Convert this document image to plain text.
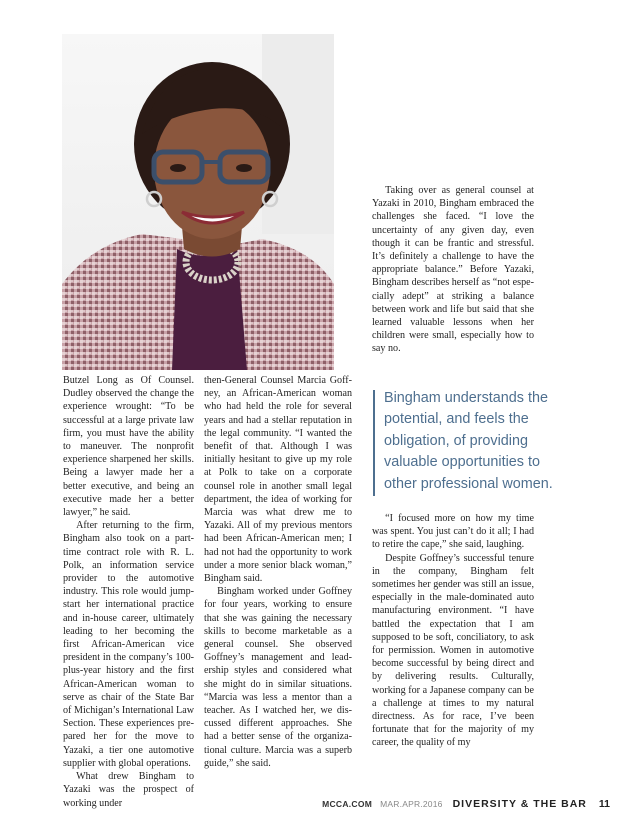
Butzel Long as Of Counsel. Dudley observed the change the experience wrought: “To be successful at a large private law firm, you must have the ability to maneuver. The nonprofit experience sharpened her skills. Being a lawyer made her a better executive, and being an executive made her a better lawyer,” he said.

After returning to the firm, Bingham also took on a part-time contract role with R. L. Polk, an information service provider to the automotive industry. This role would jump-start her international practice and in-house career, ultimately leading to her becoming the first African-American vice president in the company’s 100-plus-year history and the first African-American woman to serve as chair of the State Bar of Michigan’s International Law Section. These experiences prepared her for the move to Yazaki, a tier one automotive supplier with global operations.

What drew Bingham to Yazaki was the prospect of working under

then-General Counsel Marcia Goffney, an African-American woman who had held the role for several years and had a stellar reputation in the legal community. “I wanted the benefit of that. Although I was initially hesitant to give up my role at Polk to take on a corporate counsel role in another small legal department, the idea of working for Marcia was what drew me to Yazaki. All of my previous mentors had been African-American men; I had not had the opportunity to work under a more senior black woman,” Bingham said.

Bingham worked under Goffney for four years, working to ensure that she was gaining the necessary skills to become marketable as a general counsel. She observed Goffney’s management and leadership styles and considered what she might do in similar situations. “Marcia was less a mentor than a teacher. As I watched her, we discussed different approaches. She had a better sense of the organizational culture. Marcia was a superb guide,” she said.

Taking over as general counsel at Yazaki in 2010, Bingham embraced the challenges she faced. “I love the uncertainty of any given day, even though it can be frantic and stressful. It’s definitely a challenge to have the appropriate balance.” Before Yazaki, Bingham describes herself as “not especially adept” at striking a balance between work and life but said that she learned valuable lessons when her children were small, especially how to say no.

Bingham understands the potential, and feels the obligation, of providing valuable opportunities to other professional women.

“I focused more on how my time was spent. You just can’t do it all; I had to retire the cape,” she said, laughing.

Despite Goffney’s successful tenure in the company, Bingham felt sometimes her gender was still an issue, especially in the male-dominated auto manufacturing environment. “I have battled the expectation that I am supposed to be soft, conciliatory, to ask for permission. Women in automotive become successful by being direct and by delivering results. Culturally, working for a Japanese company can be a challenge at times to my natural directness. As for race, I’ve been fortunate that for the majority of my career, the quality of my

MCCA.COM MAR.APR.2016 DIVERSITY & THE BAR 11
